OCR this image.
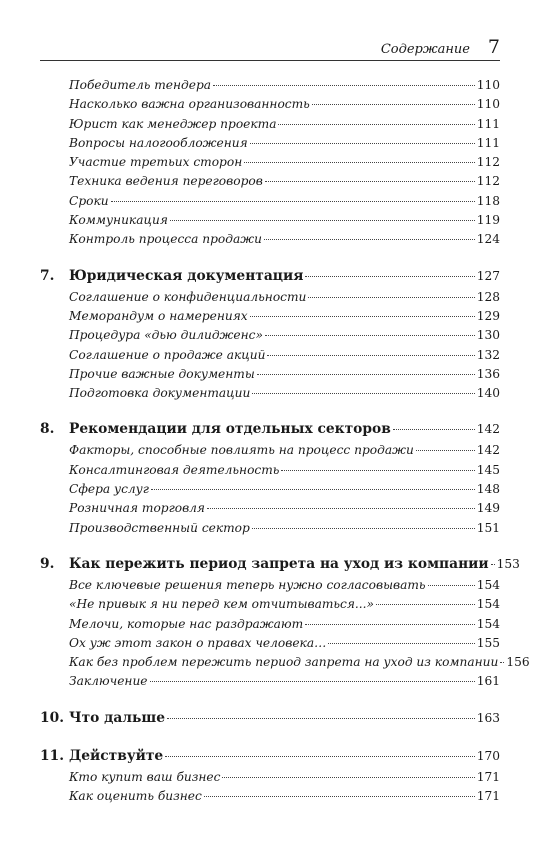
Содержание 7
Победитель тендера	110
Насколько важна организованность	110
Юрист как менеджер проекта	111
Вопросы налогообложения	111
Участие третьих сторон	112
Техника ведения переговоров	112
Сроки	118
Коммуникация	119
Контроль процесса продажи	124
7.	Юридическая документация	127
Соглашение о конфиденциальности	128
Меморандум о намерениях	129
Процедура «дью дилидженс»	130
Соглашение о продаже акций	132
Прочие важные документы	136
Подготовка документации	140
8.	Рекомендации для отдельных секторов	142
Факторы, способные повлиять на процесс продажи	142
Консалтинговая деятельность	145
Сфера услуг	148
Розничная торговля	149
Производственный сектор	151
9.	Как пережить период запрета на уход из компании 153
Все ключевые решения теперь нужно согласовывать	154
«Не привык я ни перед кем отчитываться...»	154
Мелочи, которые нас раздражают	154
Ох уж этот закон о правах человека…	155
Как без проблем пережить период запрета на уход из компании 156
Заключение	161
10. Что дальше	163
11. Действуйте	170
Кто купит ваш бизнес	171
Как оценить бизнес	171
